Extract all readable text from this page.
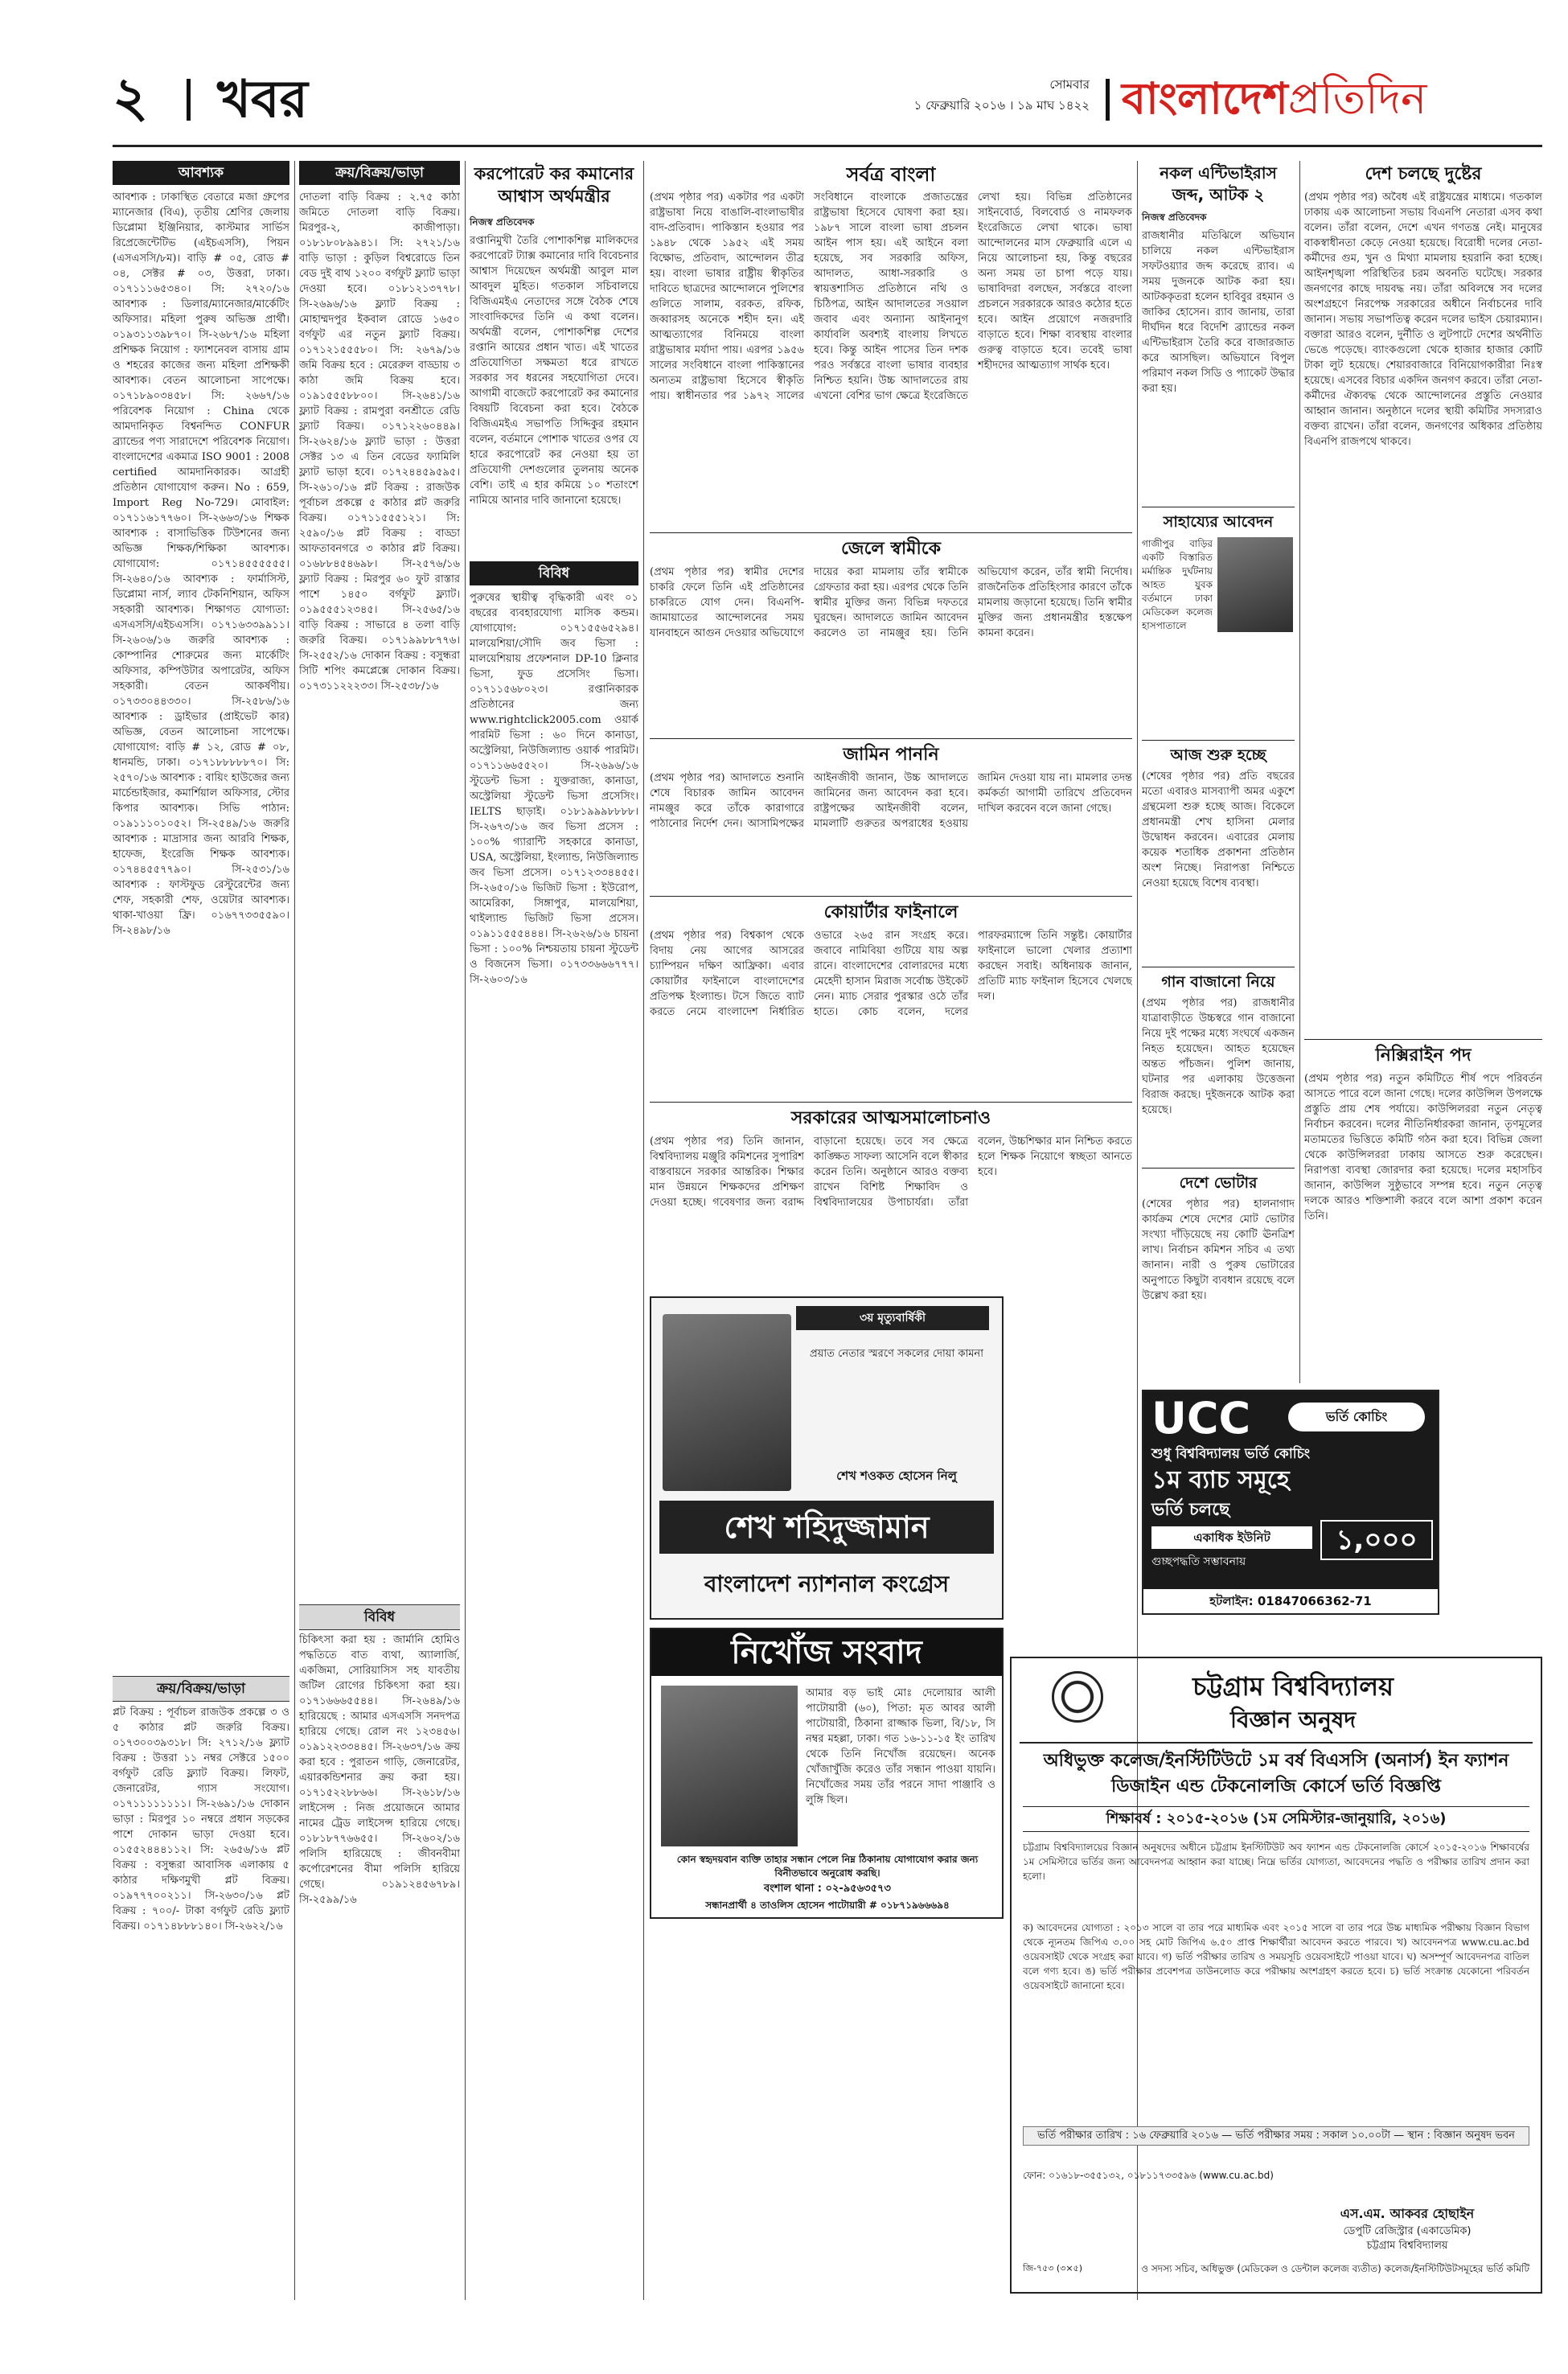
২ খবর	সোমবার
১ ফেব্রুয়ারি ২০১৬ । ১৯ মাঘ ১৪২২ বাংলাদেশপ্রতিদিন
আবশ্যক
আবশ্যক : ঢাকাস্থিত বেতারে মজা গ্রুপের ম্যানেজার (বিএ), তৃতীয় শ্রেণির জেলায় ডিপ্লোমা ইঞ্জিনিয়ার, কাস্টমার সার্ভিস রিপ্রেজেন্টেটিভ (এইচএসসি), পিয়ন (এসএসসি/৮ম)। বাড়ি # ০৫, রোড # ০৪, সেক্টর # ০৩, উত্তরা, ঢাকা। ০১৭১১১৬৫৩৪০। সি: ২৭২০/১৬ আবশ্যক : ডিলার/ম্যানেজার/মার্কেটিং অফিসার। মহিলা পুরুষ অভিজ্ঞ প্রার্থী। ০১৯৩১১৩৯৮৭০। সি-২৬৮৭/১৬ মহিলা প্রশিক্ষক নিয়োগ : ফ্যাশনেবল বাসায় গ্রাম ও শহরের কাজের জন্য মহিলা প্রশিক্ষকী আবশ্যক। বেতন আলোচনা সাপেক্ষে। ০১৭১৮৯০৩৪৫৮। সি: ২৬৬৭/১৬ পরিবেশক নিয়োগ : China থেকে আমদানিকৃত বিশ্বনন্দিত CONFUR ব্র্যান্ডের পণ্য সারাদেশে পরিবেশক নিয়োগ। বাংলাদেশের একমাত্র ISO 9001 : 2008 certified আমদানিকারক। আগ্রহী প্রতিষ্ঠান যোগাযোগ করুন। No : 659, Import Reg No-729। মোবাইল: ০১৭১১৬১৭৭৬০। সি-২৬৬৩/১৬ শিক্ষক আবশ্যক : বাসাভিত্তিক টিউশনের জন্য অভিজ্ঞ শিক্ষক/শিক্ষিকা আবশ্যক। যোগাযোগ: ০১৭১৪৫৫৫৫৫৫। সি-২৬৪০/১৬ আবশ্যক : ফার্মাসিস্ট, ডিপ্লোমা নার্স, ল্যাব টেকনিশিয়ান, অফিস সহকারী আবশ্যক। শিক্ষাগত যোগ্যতা: এসএসসি/এইচএসসি। ০১৭১৬৩৩৯৯১১। সি-২৬০৬/১৬ জরুরি আবশ্যক : কোম্পানির শোরুমের জন্য মার্কেটিং অফিসার, কম্পিউটার অপারেটর, অফিস সহকারী। বেতন আকর্ষণীয়। ০১৭৩৩০৪৪৩৩০। সি-২৫৮৬/১৬ আবশ্যক : ড্রাইভার (প্রাইভেট কার) অভিজ্ঞ, বেতন আলোচনা সাপেক্ষে। যোগাযোগ: বাড়ি # ১২, রোড # ০৮, ধানমন্ডি, ঢাকা। ০১৭১৮৮৮৮৮৭০। সি: ২৫৭০/১৬ আবশ্যক : বায়িং হাউজের জন্য মার্চেন্ডাইজার, কমার্শিয়াল অফিসার, স্টোর কিপার আবশ্যক। সিভি পাঠান: ০১৯১১১০১০৫২। সি-২৫৪৯/১৬ জরুরি আবশ্যক : মাদ্রাসার জন্য আরবি শিক্ষক, হাফেজ, ইংরেজি শিক্ষক আবশ্যক। ০১৭৪৪৫৫৭৭৯০। সি-২৫৩১/১৬ আবশ্যক : ফাস্টফুড রেস্টুরেন্টের জন্য শেফ, সহকারী শেফ, ওয়েটার আবশ্যক। থাকা-খাওয়া ফ্রি। ০১৬৭৭৩৩৫৫৯০। সি-২৪৯৮/১৬
ক্রয়/বিক্রয়/ভাড়া
প্লট বিক্রয় : পূর্বাচল রাজউক প্রকল্পে ৩ ও ৫ কাঠার প্লট জরুরি বিক্রয়। ০১৭৩০০৩৯৩১৮। সি: ২৭১২/১৬ ফ্ল্যাট বিক্রয় : উত্তরা ১১ নম্বর সেক্টরে ১৫০০ বর্গফুট রেডি ফ্ল্যাট বিক্রয়। লিফট, জেনারেটর, গ্যাস সংযোগ। ০১৭১১১১১১১১। সি-২৬৯১/১৬ দোকান ভাড়া : মিরপুর ১০ নম্বরে প্রধান সড়কের পাশে দোকান ভাড়া দেওয়া হবে। ০১৫৫২৪৪৪১১২। সি: ২৬৫৬/১৬ প্লট বিক্রয় : বসুন্ধরা আবাসিক এলাকায় ৫ কাঠার দক্ষিণমুখী প্লট বিক্রয়। ০১৯৭৭৭০০২১১। সি-২৬৩০/১৬ প্লট বিক্রয় : ৭০০/- টাকা বর্গফুট রেডি ফ্ল্যাট বিক্রয়। ০১৭১৪৮৮৮১৪০। সি-২৬২২/১৬
ক্রয়/বিক্রয়/ভাড়া
দোতলা বাড়ি বিক্রয় : ২.৭৫ কাঠা জমিতে দোতলা বাড়ি বিক্রয়। মিরপুর-২, কাজীপাড়া। ০১৮১৮০৮৯৯৪১। সি: ২৭২১/১৬ বাড়ি ভাড়া : কুড়িল বিশ্বরোডে তিন বেড দুই বাথ ১২০০ বর্গফুট ফ্ল্যাট ভাড়া দেওয়া হবে। ০১৮১২১৩৭৭৮। সি-২৬৯৬/১৬ ফ্ল্যাট বিক্রয় : মোহাম্মদপুর ইকবাল রোডে ১৬৫০ বর্গফুট এর নতুন ফ্ল্যাট বিক্রয়। ০১৭১২১৫৫৫৮০। সি: ২৬৭৯/১৬ জমি বিক্রয় হবে : মেরেরুল বাড্ডায় ৩ কাঠা জমি বিক্রয় হবে। ০১৯১৫৫৫৮৮০০। সি-২৬৪১/১৬ ফ্ল্যাট বিক্রয় : রামপুরা বনশ্রীতে রেডি ফ্ল্যাট বিক্রয়। ০১৭১২২৬০৪৪৯। সি-২৬২৪/১৬ ফ্ল্যাট ভাড়া : উত্তরা সেক্টর ১৩ এ তিন বেডের ফ্যামিলি ফ্ল্যাট ভাড়া হবে। ০১৭২৪৪৫৯৫৯৫। সি-২৬১০/১৬ প্লট বিক্রয় : রাজউক পূর্বাচল প্রকল্পে ৫ কাঠার প্লট জরুরি বিক্রয়। ০১৭১১৫৫৫১২১। সি: ২৫৯০/১৬ প্লট বিক্রয় : বাড্ডা আফতাবনগরে ৩ কাঠার প্লট বিক্রয়। ০১৬৮৮৪৫৪৬৯৮। সি-২৫৭৬/১৬ ফ্ল্যাট বিক্রয় : মিরপুর ৬০ ফুট রাস্তার পাশে ১৪৫০ বর্গফুট ফ্ল্যাট। ০১৯৫৫৫১২৩৪৫। সি-২৫৬৫/১৬ বাড়ি বিক্রয় : সাভারে ৪ তলা বাড়ি জরুরি বিক্রয়। ০১৭১৯৯৮৮৭৭৬। সি-২৫৫২/১৬ দোকান বিক্রয় : বসুন্ধরা সিটি শপিং কমপ্লেক্সে দোকান বিক্রয়। ০১৭৩১১২২২৩৩। সি-২৫৩৮/১৬
বিবিধ
চিকিৎসা করা হয় : জার্মানি হোমিও পদ্ধতিতে বাত ব্যথা, অ্যালার্জি, একজিমা, সোরিয়াসিস সহ যাবতীয় জটিল রোগের চিকিৎসা করা হয়। ০১৭১৬৬৬৫৫৪৪। সি-২৬৪৯/১৬ হারিয়েছে : আমার এসএসসি সনদপত্র হারিয়ে গেছে। রোল নং ১২৩৪৫৬। ০১৯১২২৩৩৪৪৫। সি-২৬৩৭/১৬ ক্রয় করা হবে : পুরাতন গাড়ি, জেনারেটর, এয়ারকন্ডিশনার ক্রয় করা হয়। ০১৭১৫২২৮৮৬৬। সি-২৬১৮/১৬ লাইসেন্স : নিজ প্রয়োজনে আমার নামের ট্রেড লাইসেন্স হারিয়ে গেছে। ০১৮১৮৭৭৬৬৫৫। সি-২৬০২/১৬ পলিসি হারিয়েছে : জীবনবীমা কর্পোরেশনের বীমা পলিসি হারিয়ে গেছে। ০১৯১২৪৫৬৭৮৯। সি-২৫৯৯/১৬
করপোরেট কর কমানোর আশ্বাস অর্থমন্ত্রীর
নিজস্ব প্রতিবেদক
রপ্তানিমুখী তৈরি পোশাকশিল্প মালিকদের করপোরেট ট্যাক্স কমানোর দাবি বিবেচনার আশ্বাস দিয়েছেন অর্থমন্ত্রী আবুল মাল আবদুল মুহিত। গতকাল সচিবালয়ে বিজিএমইএ নেতাদের সঙ্গে বৈঠক শেষে সাংবাদিকদের তিনি এ কথা বলেন। অর্থমন্ত্রী বলেন, পোশাকশিল্প দেশের রপ্তানি আয়ের প্রধান খাত। এই খাতের প্রতিযোগিতা সক্ষমতা ধরে রাখতে সরকার সব ধরনের সহযোগিতা দেবে। আগামী বাজেটে করপোরেট কর কমানোর বিষয়টি বিবেচনা করা হবে। বৈঠকে বিজিএমইএ সভাপতি সিদ্দিকুর রহমান বলেন, বর্তমানে পোশাক খাতের ওপর যে হারে করপোরেট কর নেওয়া হয় তা প্রতিযোগী দেশগুলোর তুলনায় অনেক বেশি। তাই এ হার কমিয়ে ১০ শতাংশে নামিয়ে আনার দাবি জানানো হয়েছে।
বিবিধ
পুরুষের স্থায়ীত্ব বৃদ্ধিকারী এবং ০১ বছরের ব্যবহারযোগ্য মাসিক কন্ডম। যোগাযোগ: ০১৭১৫৫৬৫২৯৪। মালয়েশিয়া/সৌদি জব ভিসা : মালয়েশিয়ায় প্রফেশনাল DP-10 ক্লিনার ভিসা, ফুড প্রসেসিং ভিসা। ০১৭১১৫৬৮০২৩। রপ্তানিকারক প্রতিষ্ঠানের জন্য www.rightclick2005.com ওয়ার্ক পারমিট ভিসা : ৬০ দিনে কানাডা, অস্ট্রেলিয়া, নিউজিল্যান্ড ওয়ার্ক পারমিট। ০১৭১১৬৬৫৫২০। সি-২৬৯৬/১৬ স্টুডেন্ট ভিসা : যুক্তরাজ্য, কানাডা, অস্ট্রেলিয়া স্টুডেন্ট ভিসা প্রসেসিং। IELTS ছাড়াই। ০১৮১৯৯৯৮৮৮৮। সি-২৬৭৩/১৬ জব ভিসা প্রসেস : ১০০% গ্যারান্টি সহকারে কানাডা, USA, অস্ট্রেলিয়া, ইংল্যান্ড, নিউজিল্যান্ড জব ভিসা প্রসেস। ০১৭১২৩৩৪৪৫৫। সি-২৬৫০/১৬ ভিজিট ভিসা : ইউরোপ, আমেরিকা, সিঙ্গাপুর, মালয়েশিয়া, থাইল্যান্ড ভিজিট ভিসা প্রসেস। ০১৯১১৫৫৫৪৪৪। সি-২৬২৬/১৬ চায়না ভিসা : ১০০% নিশ্চয়তায় চায়না স্টুডেন্ট ও বিজনেস ভিসা। ০১৭৩৩৬৬৬৭৭৭। সি-২৬০৩/১৬
সর্বত্র বাংলা
(প্রথম পৃষ্ঠার পর) একটার পর একটা রাষ্ট্রভাষা নিয়ে বাঙালি-বাংলাভাষীর বাদ-প্রতিবাদ। পাকিস্তান হওয়ার পর ১৯৪৮ থেকে ১৯৫২ এই সময় বিক্ষোভ, প্রতিবাদ, আন্দোলন তীব্র হয়। বাংলা ভাষার রাষ্ট্রীয় স্বীকৃতির দাবিতে ছাত্রদের আন্দোলনে পুলিশের গুলিতে সালাম, বরকত, রফিক, জব্বারসহ অনেকে শহীদ হন। এই আত্মত্যাগের বিনিময়ে বাংলা রাষ্ট্রভাষার মর্যাদা পায়। এরপর ১৯৫৬ সালের সংবিধানে বাংলা পাকিস্তানের অন্যতম রাষ্ট্রভাষা হিসেবে স্বীকৃতি পায়। স্বাধীনতার পর ১৯৭২ সালের সংবিধানে বাংলাকে প্রজাতন্ত্রের রাষ্ট্রভাষা হিসেবে ঘোষণা করা হয়। ১৯৮৭ সালে বাংলা ভাষা প্রচলন আইন পাস হয়। এই আইনে বলা হয়েছে, সব সরকারি অফিস, আদালত, আধা-সরকারি ও স্বায়ত্তশাসিত প্রতিষ্ঠানে নথি ও চিঠিপত্র, আইন আদালতের সওয়াল জবাব এবং অন্যান্য আইনানুগ কার্যাবলি অবশ্যই বাংলায় লিখতে হবে। কিন্তু আইন পাসের তিন দশক পরও সর্বস্তরে বাংলা ভাষার ব্যবহার নিশ্চিত হয়নি। উচ্চ আদালতের রায় এখনো বেশির ভাগ ক্ষেত্রে ইংরেজিতে লেখা হয়। বিভিন্ন প্রতিষ্ঠানের সাইনবোর্ড, বিলবোর্ড ও নামফলক ইংরেজিতে লেখা থাকে। ভাষা আন্দোলনের মাস ফেব্রুয়ারি এলে এ নিয়ে আলোচনা হয়, কিন্তু বছরের অন্য সময় তা চাপা পড়ে যায়। ভাষাবিদরা বলছেন, সর্বস্তরে বাংলা প্রচলনে সরকারকে আরও কঠোর হতে হবে। আইন প্রয়োগে নজরদারি বাড়াতে হবে। শিক্ষা ব্যবস্থায় বাংলার গুরুত্ব বাড়াতে হবে। তবেই ভাষা শহীদদের আত্মত্যাগ সার্থক হবে।
জেলে স্বামীকে
(প্রথম পৃষ্ঠার পর) স্বামীর দেশের চাকরি ফেলে তিনি এই প্রতিষ্ঠানের চাকরিতে যোগ দেন। বিএনপি-জামায়াতের আন্দোলনের সময় যানবাহনে আগুন দেওয়ার অভিযোগে দায়ের করা মামলায় তাঁর স্বামীকে গ্রেফতার করা হয়। এরপর থেকে তিনি স্বামীর মুক্তির জন্য বিভিন্ন দফতরে ঘুরছেন। আদালতে জামিন আবেদন করলেও তা নামঞ্জুর হয়। তিনি অভিযোগ করেন, তাঁর স্বামী নির্দোষ। রাজনৈতিক প্রতিহিংসার কারণে তাঁকে মামলায় জড়ানো হয়েছে। তিনি স্বামীর মুক্তির জন্য প্রধানমন্ত্রীর হস্তক্ষেপ কামনা করেন।
জামিন পাননি
(প্রথম পৃষ্ঠার পর) আদালতে শুনানি শেষে বিচারক জামিন আবেদন নামঞ্জুর করে তাঁকে কারাগারে পাঠানোর নির্দেশ দেন। আসামিপক্ষের আইনজীবী জানান, উচ্চ আদালতে জামিনের জন্য আবেদন করা হবে। রাষ্ট্রপক্ষের আইনজীবী বলেন, মামলাটি গুরুতর অপরাধের হওয়ায় জামিন দেওয়া যায় না। মামলার তদন্ত কর্মকর্তা আগামী তারিখে প্রতিবেদন দাখিল করবেন বলে জানা গেছে।
কোয়ার্টার ফাইনালে
(প্রথম পৃষ্ঠার পর) বিশ্বকাপ থেকে বিদায় নেয় আগের আসরের চ্যাম্পিয়ন দক্ষিণ আফ্রিকা। এবার কোয়ার্টার ফাইনালে বাংলাদেশের প্রতিপক্ষ ইংল্যান্ড। টসে জিতে ব্যাট করতে নেমে বাংলাদেশ নির্ধারিত ওভারে ২৬৫ রান সংগ্রহ করে। জবাবে নামিবিয়া গুটিয়ে যায় অল্প রানে। বাংলাদেশের বোলারদের মধ্যে মেহেদী হাসান মিরাজ সর্বোচ্চ উইকেট নেন। ম্যাচ সেরার পুরস্কার ওঠে তাঁর হাতে। কোচ বলেন, দলের পারফরম্যান্সে তিনি সন্তুষ্ট। কোয়ার্টার ফাইনালে ভালো খেলার প্রত্যাশা করছেন সবাই। অধিনায়ক জানান, প্রতিটি ম্যাচ ফাইনাল হিসেবে খেলছে দল।
সরকারের আত্মসমালোচনাও
(প্রথম পৃষ্ঠার পর) তিনি জানান, বিশ্ববিদ্যালয় মঞ্জুরি কমিশনের সুপারিশ বাস্তবায়নে সরকার আন্তরিক। শিক্ষার মান উন্নয়নে শিক্ষকদের প্রশিক্ষণ দেওয়া হচ্ছে। গবেষণার জন্য বরাদ্দ বাড়ানো হয়েছে। তবে সব ক্ষেত্রে কাঙ্ক্ষিত সাফল্য আসেনি বলে স্বীকার করেন তিনি। অনুষ্ঠানে আরও বক্তব্য রাখেন বিশিষ্ট শিক্ষাবিদ ও বিশ্ববিদ্যালয়ের উপাচার্যরা। তাঁরা বলেন, উচ্চশিক্ষার মান নিশ্চিত করতে হলে শিক্ষক নিয়োগে স্বচ্ছতা আনতে হবে।
৩য় মৃত্যুবার্ষিকী
প্রয়াত নেতার স্মরণে সকলের দোয়া কামনা
শেখ শওকত হোসেন নিলু
শেখ শহিদুজ্জামান
বাংলাদেশ ন্যাশনাল কংগ্রেস
নিখোঁজ সংবাদ
আমার বড় ভাই মোঃ দেলোয়ার আলী পাটোয়ারী (৬০), পিতা: মৃত আবর আলী পাটোয়ারী, ঠিকানা রাজ্জাক ভিলা, বি/১৮, সি নম্বর মহল্লা, ঢাকা। গত ১৬-১১-১৫ ইং তারিখ থেকে তিনি নিখোঁজ রয়েছেন। অনেক খোঁজাখুঁজি করেও তাঁর সন্ধান পাওয়া যায়নি। নিখোঁজের সময় তাঁর পরনে সাদা পাঞ্জাবি ও লুঙ্গি ছিল।
কোন স্বহৃদয়বান ব্যক্তি তাহার সন্ধান পেলে নিম্ন ঠিকানায় যোগাযোগ করার জন্য বিনীতভাবে অনুরোধ করছি।
বংশাল থানা : ০২-৯৫৬৩৫৭৩
সন্ধানপ্রার্থী ৪ তাওলিস হোসেন পাটোয়ারী # ০১৮৭১৯৬৬৬৯৪
নকল এন্টিভাইরাস জব্দ, আটক ২
নিজস্ব প্রতিবেদক
রাজধানীর মতিঝিলে অভিযান চালিয়ে নকল এন্টিভাইরাস সফটওয়্যার জব্দ করেছে র‌্যাব। এ সময় দুজনকে আটক করা হয়। আটককৃতরা হলেন হাবিবুর রহমান ও জাকির হোসেন। র‌্যাব জানায়, তারা দীর্ঘদিন ধরে বিদেশি ব্র্যান্ডের নকল এন্টিভাইরাস তৈরি করে বাজারজাত করে আসছিল। অভিযানে বিপুল পরিমাণ নকল সিডি ও প্যাকেট উদ্ধার করা হয়।
সাহায্যের আবেদন
গাজীপুর বাড়ির একটি বিস্তারিত মর্মান্তিক দুর্ঘটনায় আহত যুবক বর্তমানে ঢাকা মেডিকেল কলেজ হাসপাতালে
আজ শুরু হচ্ছে
(শেষের পৃষ্ঠার পর) প্রতি বছরের মতো এবারও মাসব্যাপী অমর একুশে গ্রন্থমেলা শুরু হচ্ছে আজ। বিকেলে প্রধানমন্ত্রী শেখ হাসিনা মেলার উদ্বোধন করবেন। এবারের মেলায় কয়েক শতাধিক প্রকাশনা প্রতিষ্ঠান অংশ নিচ্ছে। নিরাপত্তা নিশ্চিতে নেওয়া হয়েছে বিশেষ ব্যবস্থা।
গান বাজানো নিয়ে
(প্রথম পৃষ্ঠার পর) রাজধানীর যাত্রাবাড়ীতে উচ্চস্বরে গান বাজানো নিয়ে দুই পক্ষের মধ্যে সংঘর্ষে একজন নিহত হয়েছেন। আহত হয়েছেন অন্তত পাঁচজন। পুলিশ জানায়, ঘটনার পর এলাকায় উত্তেজনা বিরাজ করছে। দুইজনকে আটক করা হয়েছে।
দেশে ভোটার
(শেষের পৃষ্ঠার পর) হালনাগাদ কার্যক্রম শেষে দেশের মোট ভোটার সংখ্যা দাঁড়িয়েছে নয় কোটি ঊনত্রিশ লাখ। নির্বাচন কমিশন সচিব এ তথ্য জানান। নারী ও পুরুষ ভোটারের অনুপাতে কিছুটা ব্যবধান রয়েছে বলে উল্লেখ করা হয়।
UCC	ভর্তি কোচিং
শুধু বিশ্ববিদ্যালয় ভর্তি কোচিং
১ম ব্যাচ সমূহে
ভর্তি চলছে
একাধিক ইউনিট
গুচ্ছপদ্ধতি সম্ভাবনায়
১,০০০
হটলাইন: 01847066362-71
দেশ চলছে দুষ্টের
(প্রথম পৃষ্ঠার পর) অবৈধ এই রাষ্ট্রযন্ত্রের মাধ্যমে। গতকাল ঢাকায় এক আলোচনা সভায় বিএনপি নেতারা এসব কথা বলেন। তাঁরা বলেন, দেশে এখন গণতন্ত্র নেই। মানুষের বাকস্বাধীনতা কেড়ে নেওয়া হয়েছে। বিরোধী দলের নেতা-কর্মীদের গুম, খুন ও মিথ্যা মামলায় হয়রানি করা হচ্ছে। আইনশৃঙ্খলা পরিস্থিতির চরম অবনতি ঘটেছে। সরকার জনগণের কাছে দায়বদ্ধ নয়। তাঁরা অবিলম্বে সব দলের অংশগ্রহণে নিরপেক্ষ সরকারের অধীনে নির্বাচনের দাবি জানান। সভায় সভাপতিত্ব করেন দলের ভাইস চেয়ারম্যান। বক্তারা আরও বলেন, দুর্নীতি ও লুটপাটে দেশের অর্থনীতি ভেঙে পড়েছে। ব্যাংকগুলো থেকে হাজার হাজার কোটি টাকা লুট হয়েছে। শেয়ারবাজারে বিনিয়োগকারীরা নিঃস্ব হয়েছে। এসবের বিচার একদিন জনগণ করবে। তাঁরা নেতা-কর্মীদের ঐক্যবদ্ধ থেকে আন্দোলনের প্রস্তুতি নেওয়ার আহ্বান জানান। অনুষ্ঠানে দলের স্থায়ী কমিটির সদস্যরাও বক্তব্য রাখেন। তাঁরা বলেন, জনগণের অধিকার প্রতিষ্ঠায় বিএনপি রাজপথে থাকবে।
নিক্সিরাইন পদ
(প্রথম পৃষ্ঠার পর) নতুন কমিটিতে শীর্ষ পদে পরিবর্তন আসতে পারে বলে জানা গেছে। দলের কাউন্সিল উপলক্ষে প্রস্তুতি প্রায় শেষ পর্যায়ে। কাউন্সিলররা নতুন নেতৃত্ব নির্বাচন করবেন। দলের নীতিনির্ধারকরা জানান, তৃণমূলের মতামতের ভিত্তিতে কমিটি গঠন করা হবে। বিভিন্ন জেলা থেকে কাউন্সিলররা ঢাকায় আসতে শুরু করেছেন। নিরাপত্তা ব্যবস্থা জোরদার করা হয়েছে। দলের মহাসচিব জানান, কাউন্সিল সুষ্ঠুভাবে সম্পন্ন হবে। নতুন নেতৃত্ব দলকে আরও শক্তিশালী করবে বলে আশা প্রকাশ করেন তিনি।
চট্টগ্রাম বিশ্ববিদ্যালয়
বিজ্ঞান অনুষদ
অধিভুক্ত কলেজ/ইনস্টিটিউটে ১ম বর্ষ বিএসসি (অনার্স) ইন ফ্যাশন ডিজাইন এন্ড টেকনোলজি কোর্সে ভর্তি বিজ্ঞপ্তি
শিক্ষাবর্ষ : ২০১৫-২০১৬ (১ম সেমিস্টার-জানুয়ারি, ২০১৬)
চট্টগ্রাম বিশ্ববিদ্যালয়ের বিজ্ঞান অনুষদের অধীনে চট্টগ্রাম ইনস্টিটিউট অব ফ্যাশন এন্ড টেকনোলজি কোর্সে ২০১৫-২০১৬ শিক্ষাবর্ষের ১ম সেমিস্টারে ভর্তির জন্য আবেদনপত্র আহ্বান করা যাচ্ছে। নিম্নে ভর্তির যোগ্যতা, আবেদনের পদ্ধতি ও পরীক্ষার তারিখ প্রদান করা হলো।
ক) আবেদনের যোগ্যতা : ২০১৩ সালে বা তার পরে মাধ্যমিক এবং ২০১৫ সালে বা তার পরে উচ্চ মাধ্যমিক পরীক্ষায় বিজ্ঞান বিভাগ থেকে ন্যূনতম জিপিএ ৩.০০ সহ মোট জিপিএ ৬.৫০ প্রাপ্ত শিক্ষার্থীরা আবেদন করতে পারবে। খ) আবেদনপত্র www.cu.ac.bd ওয়েবসাইট থেকে সংগ্রহ করা যাবে। গ) ভর্তি পরীক্ষার তারিখ ও সময়সূচি ওয়েবসাইটে পাওয়া যাবে। ঘ) অসম্পূর্ণ আবেদনপত্র বাতিল বলে গণ্য হবে। ঙ) ভর্তি পরীক্ষার প্রবেশপত্র ডাউনলোড করে পরীক্ষায় অংশগ্রহণ করতে হবে। চ) ভর্তি সংক্রান্ত যেকোনো পরিবর্তন ওয়েবসাইটে জানানো হবে।
ভর্তি পরীক্ষার তারিখ : ১৬ ফেব্রুয়ারি ২০১৬ — ভর্তি পরীক্ষার সময় : সকাল ১০.০০টা — স্থান : বিজ্ঞান অনুষদ ভবন
ফোন: ০১৬১৮-৩৫৫১৩২, ০১৮১১৭৩৩৫৯৬ (www.cu.ac.bd)
এস.এম. আকবর হোছাইন
ডেপুটি রেজিস্ট্রার (একাডেমিক)
চট্টগ্রাম বিশ্ববিদ্যালয়
জি-৭৫৩ (৩×৫)	ও সদস্য সচিব, অধিভুক্ত (মেডিকেল ও ডেন্টাল কলেজ ব্যতীত) কলেজ/ইনস্টিটিউটসমূহের ভর্তি কমিটি
